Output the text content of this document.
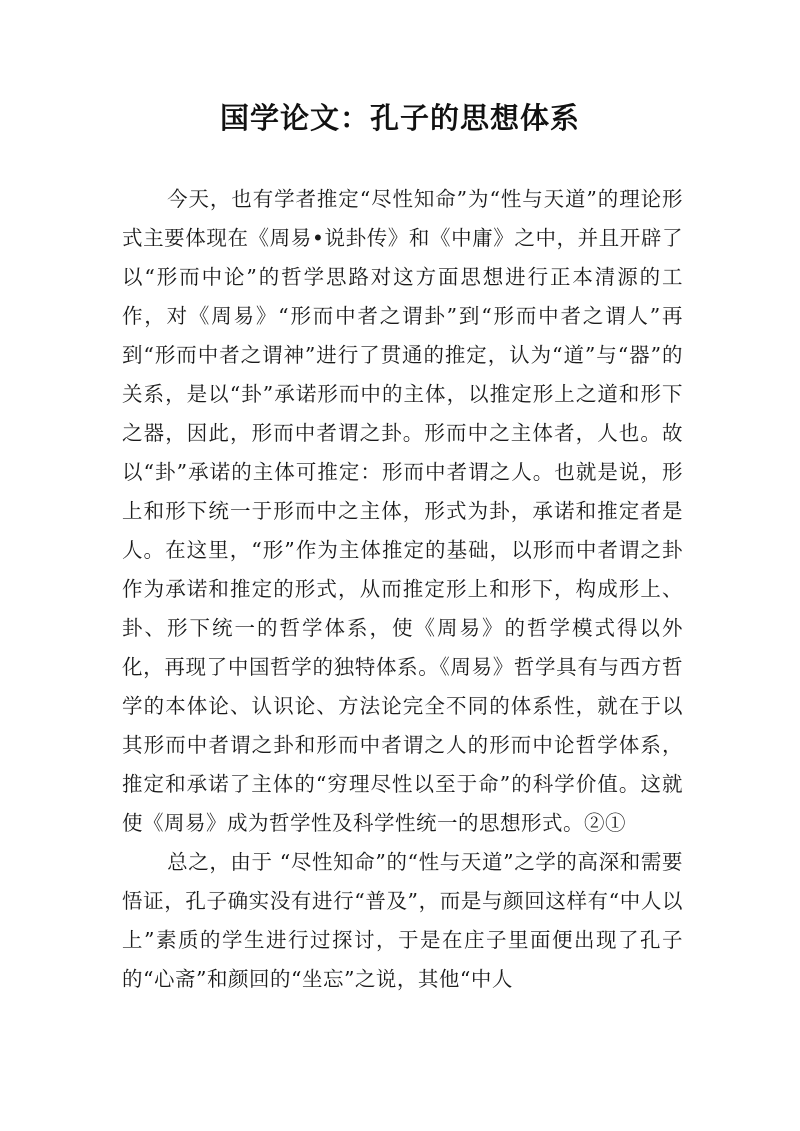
国学论文：孔子的思想体系

今天，也有学者推定“尽性知命”为“性与天道”的理论形式主要体现在《周易•说卦传》和《中庸》之中，并且开辟了以“形而中论”的哲学思路对这方面思想进行正本清源的工作，对《周易》“形而中者之谓卦”到“形而中者之谓人”再到“形而中者之谓神”进行了贯通的推定，认为“道”与“器”的关系，是以“卦”承诺形而中的主体，以推定形上之道和形下之器，因此，形而中者谓之卦。形而中之主体者，人也。故以“卦”承诺的主体可推定：形而中者谓之人。也就是说，形上和形下统一于形而中之主体，形式为卦，承诺和推定者是人。在这里，“形”作为主体推定的基础，以形而中者谓之卦作为承诺和推定的形式，从而推定形上和形下，构成形上、卦、形下统一的哲学体系，使《周易》的哲学模式得以外化，再现了中国哲学的独特体系。《周易》哲学具有与西方哲学的本体论、认识论、方法论完全不同的体系性，就在于以其形而中者谓之卦和形而中者谓之人的形而中论哲学体系，推定和承诺了主体的“穷理尽性以至于命”的科学价值。这就使《周易》成为哲学性及科学性统一的思想形式。②①

总之，由于 “尽性知命”的“性与天道”之学的高深和需要悟证，孔子确实没有进行“普及”，而是与颜回这样有“中人以上”素质的学生进行过探讨，于是在庄子里面便出现了孔子的“心斋”和颜回的“坐忘”之说，其他“中人
